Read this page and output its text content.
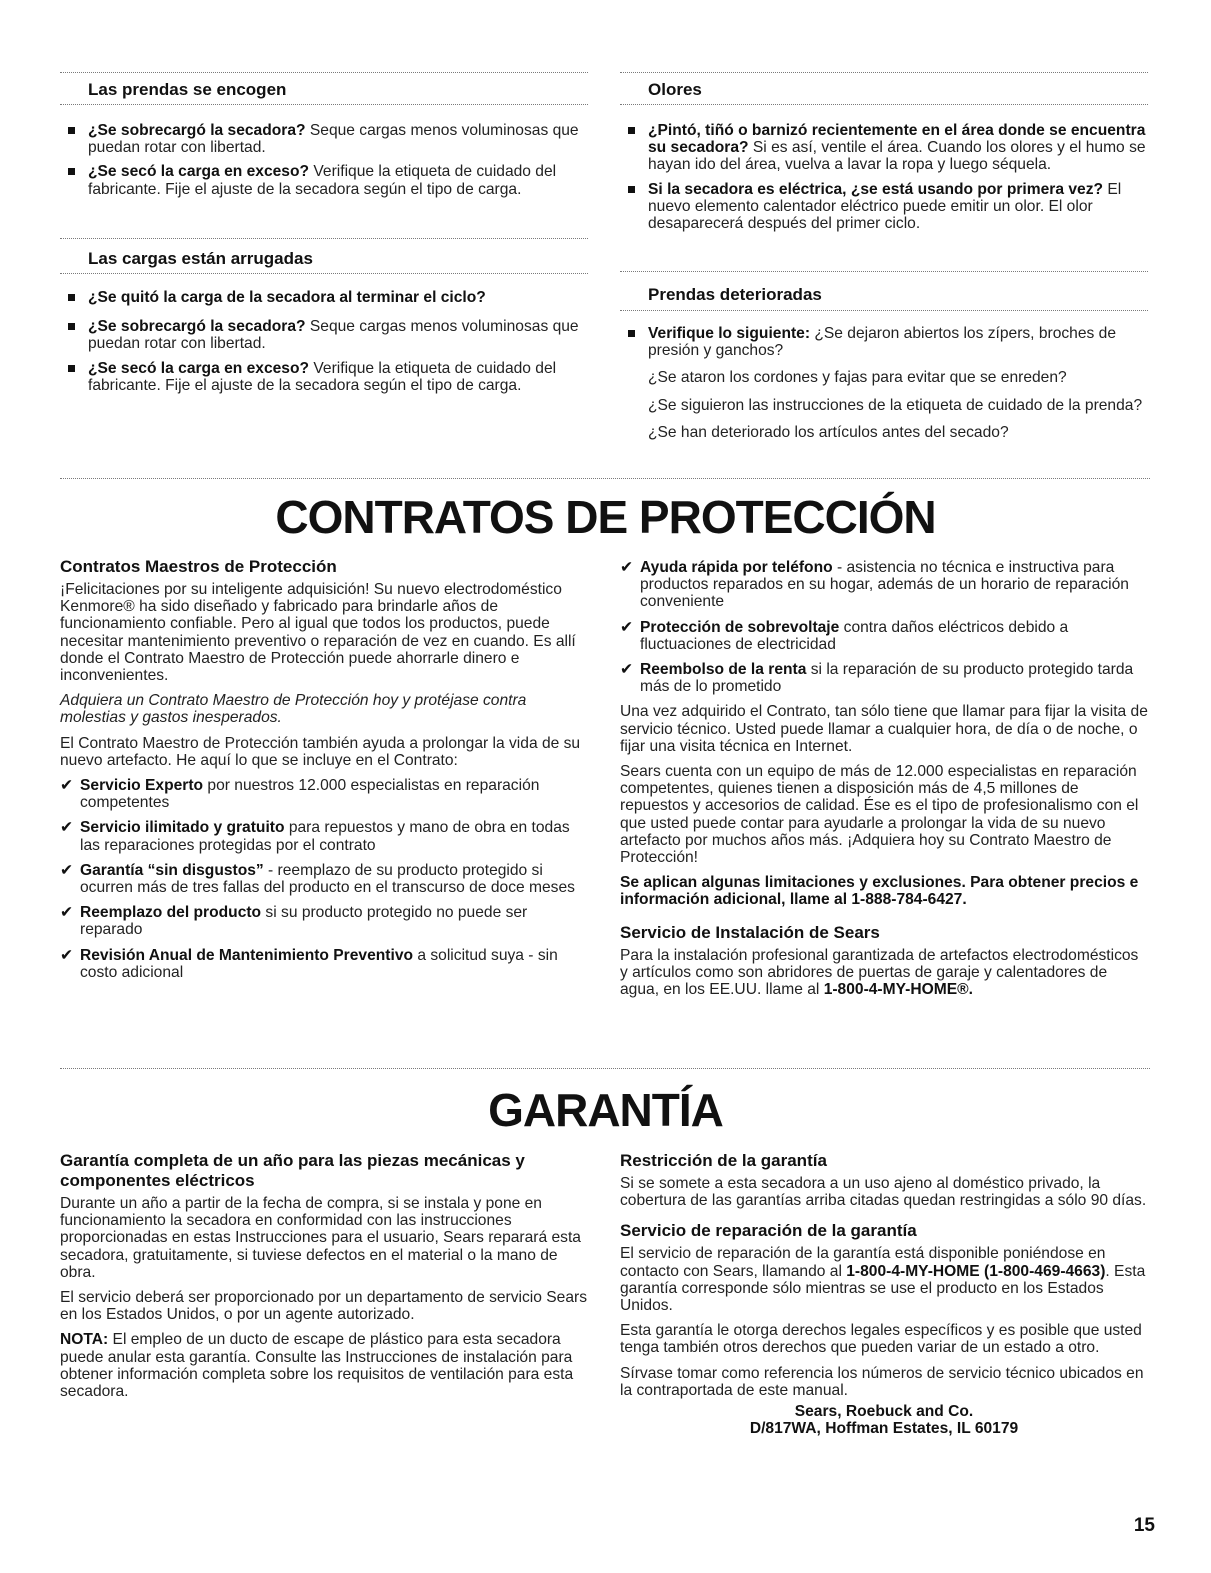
Las prendas se encogen
¿Se sobrecargó la secadora? Seque cargas menos voluminosas que puedan rotar con libertad.
¿Se secó la carga en exceso? Verifique la etiqueta de cuidado del fabricante. Fije el ajuste de la secadora según el tipo de carga.
Las cargas están arrugadas
¿Se quitó la carga de la secadora al terminar el ciclo?
¿Se sobrecargó la secadora? Seque cargas menos voluminosas que puedan rotar con libertad.
¿Se secó la carga en exceso? Verifique la etiqueta de cuidado del fabricante. Fije el ajuste de la secadora según el tipo de carga.
Olores
¿Pintó, tiñó o barnizó recientemente en el área donde se encuentra su secadora? Si es así, ventile el área. Cuando los olores y el humo se hayan ido del área, vuelva a lavar la ropa y luego séquela.
Si la secadora es eléctrica, ¿se está usando por primera vez? El nuevo elemento calentador eléctrico puede emitir un olor. El olor desaparecerá después del primer ciclo.
Prendas deterioradas
Verifique lo siguiente: ¿Se dejaron abiertos los zípers, broches de presión y ganchos?
¿Se ataron los cordones y fajas para evitar que se enreden?
¿Se siguieron las instrucciones de la etiqueta de cuidado de la prenda?
¿Se han deteriorado los artículos antes del secado?
CONTRATOS DE PROTECCIÓN
Contratos Maestros de Protección
¡Felicitaciones por su inteligente adquisición! Su nuevo electrodoméstico Kenmore® ha sido diseñado y fabricado para brindarle años de funcionamiento confiable. Pero al igual que todos los productos, puede necesitar mantenimiento preventivo o reparación de vez en cuando. Es allí donde el Contrato Maestro de Protección puede ahorrarle dinero e inconvenientes.
Adquiera un Contrato Maestro de Protección hoy y protéjase contra molestias y gastos inesperados.
El Contrato Maestro de Protección también ayuda a prolongar la vida de su nuevo artefacto. He aquí lo que se incluye en el Contrato:
✔ Servicio Experto por nuestros 12.000 especialistas en reparación competentes
✔ Servicio ilimitado y gratuito para repuestos y mano de obra en todas las reparaciones protegidas por el contrato
✔ Garantía “sin disgustos” - reemplazo de su producto protegido si ocurren más de tres fallas del producto en el transcurso de doce meses
✔ Reemplazo del producto si su producto protegido no puede ser reparado
✔ Revisión Anual de Mantenimiento Preventivo a solicitud suya - sin costo adicional
✔ Ayuda rápida por teléfono - asistencia no técnica e instructiva para productos reparados en su hogar, además de un horario de reparación conveniente
✔ Protección de sobrevoltaje contra daños eléctricos debido a fluctuaciones de electricidad
✔ Reembolso de la renta si la reparación de su producto protegido tarda más de lo prometido
Una vez adquirido el Contrato, tan sólo tiene que llamar para fijar la visita de servicio técnico. Usted puede llamar a cualquier hora, de día o de noche, o fijar una visita técnica en Internet.
Sears cuenta con un equipo de más de 12.000 especialistas en reparación competentes, quienes tienen a disposición más de 4,5 millones de repuestos y accesorios de calidad. Ése es el tipo de profesionalismo con el que usted puede contar para ayudarle a prolongar la vida de su nuevo artefacto por muchos años más. ¡Adquiera hoy su Contrato Maestro de Protección!
Se aplican algunas limitaciones y exclusiones. Para obtener precios e información adicional, llame al 1-888-784-6427.
Servicio de Instalación de Sears
Para la instalación profesional garantizada de artefactos electrodomésticos y artículos como son abridores de puertas de garaje y calentadores de agua, en los EE.UU. llame al 1-800-4-MY-HOME®.
GARANTÍA
Garantía completa de un año para las piezas mecánicas y componentes eléctricos
Durante un año a partir de la fecha de compra, si se instala y pone en funcionamiento la secadora en conformidad con las instrucciones proporcionadas en estas Instrucciones para el usuario, Sears reparará esta secadora, gratuitamente, si tuviese defectos en el material o la mano de obra.
El servicio deberá ser proporcionado por un departamento de servicio Sears en los Estados Unidos, o por un agente autorizado.
NOTA: El empleo de un ducto de escape de plástico para esta secadora puede anular esta garantía. Consulte las Instrucciones de instalación para obtener información completa sobre los requisitos de ventilación para esta secadora.
Restricción de la garantía
Si se somete a esta secadora a un uso ajeno al doméstico privado, la cobertura de las garantías arriba citadas quedan restringidas a sólo 90 días.
Servicio de reparación de la garantía
El servicio de reparación de la garantía está disponible poniéndose en contacto con Sears, llamando al 1-800-4-MY-HOME (1-800-469-4663). Esta garantía corresponde sólo mientras se use el producto en los Estados Unidos.
Esta garantía le otorga derechos legales específicos y es posible que usted tenga también otros derechos que pueden variar de un estado a otro.
Sírvase tomar como referencia los números de servicio técnico ubicados en la contraportada de este manual.
Sears, Roebuck and Co.
D/817WA, Hoffman Estates, IL 60179
15
